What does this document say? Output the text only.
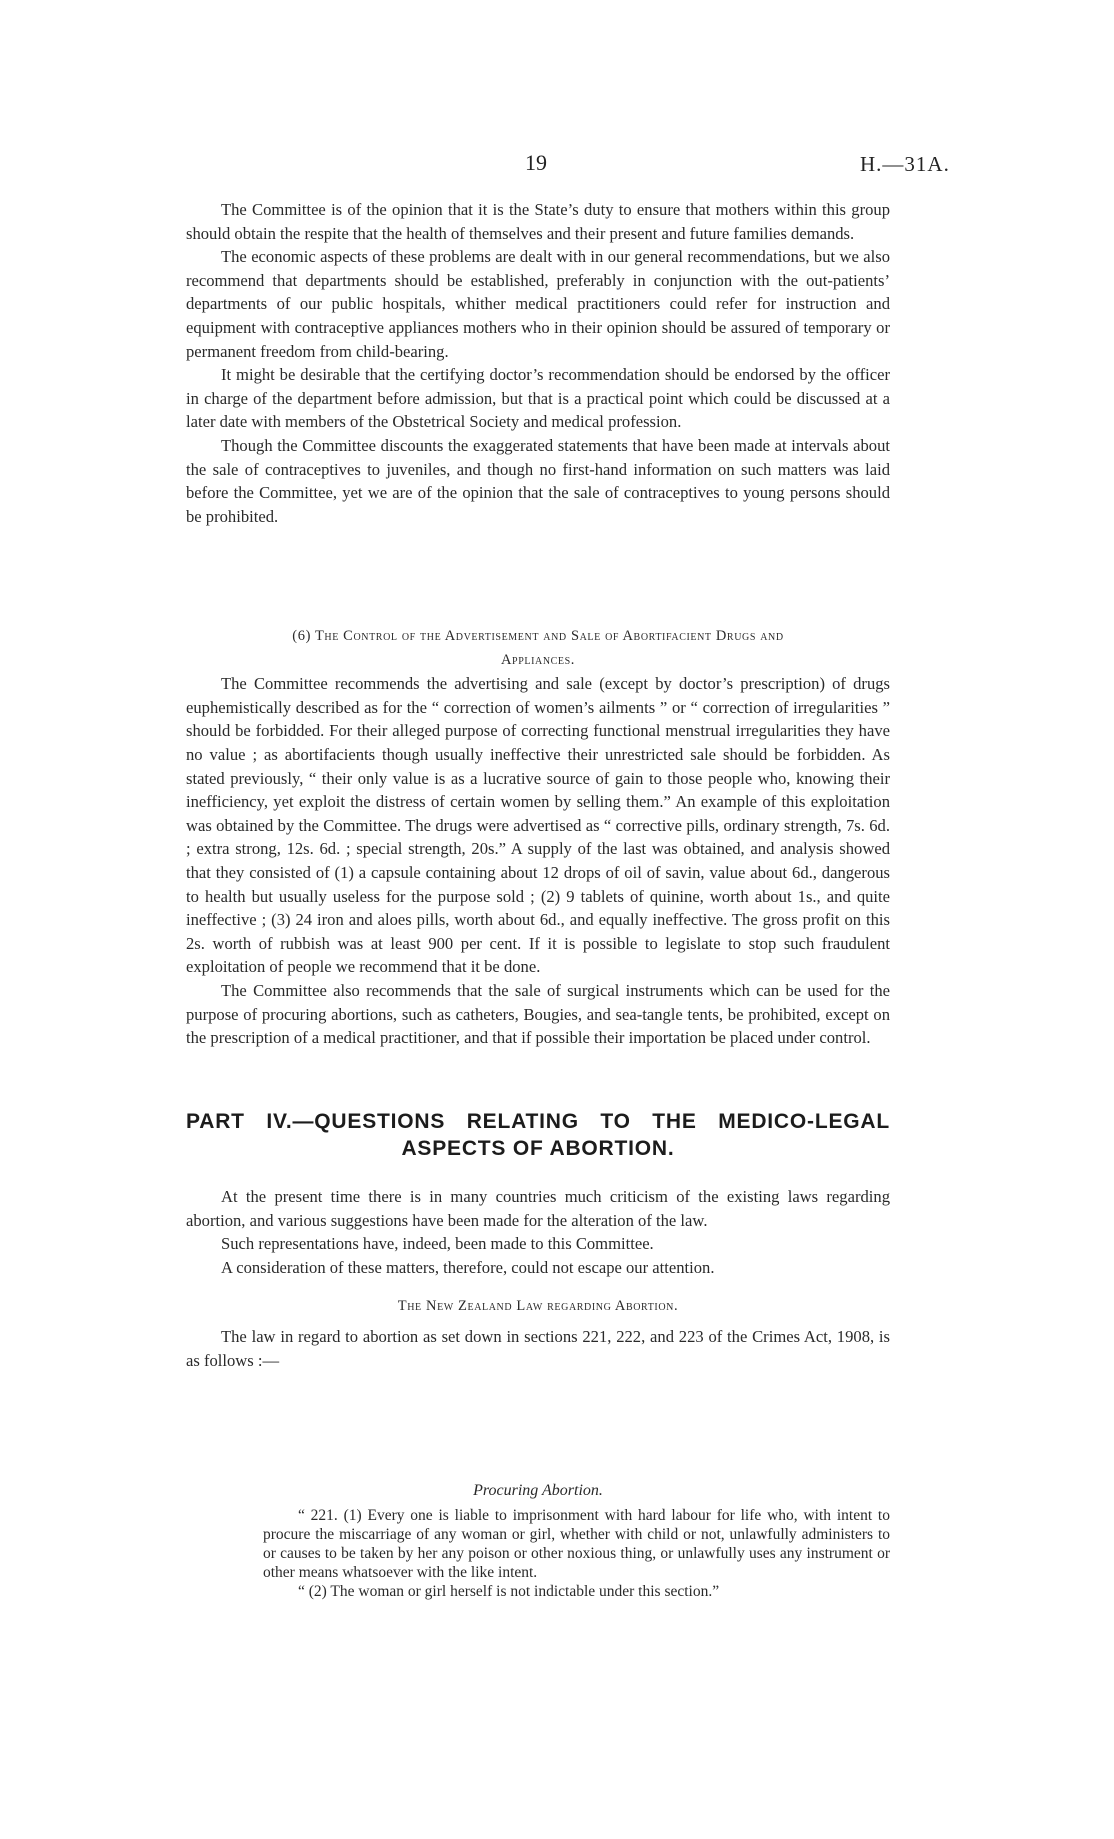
19	H.—31A.

The Committee is of the opinion that it is the State’s duty to ensure that mothers within this group should obtain the respite that the health of themselves and their present and future families demands.

The economic aspects of these problems are dealt with in our general recommendations, but we also recommend that departments should be established, preferably in conjunction with the out-patients’ departments of our public hospitals, whither medical practitioners could refer for instruction and equipment with contraceptive appliances mothers who in their opinion should be assured of temporary or permanent freedom from child-bearing.

It might be desirable that the certifying doctor’s recommendation should be endorsed by the officer in charge of the department before admission, but that is a practical point which could be discussed at a later date with members of the Obstetrical Society and medical profession.

Though the Committee discounts the exaggerated statements that have been made at intervals about the sale of contraceptives to juveniles, and though no first-hand information on such matters was laid before the Committee, yet we are of the opinion that the sale of contraceptives to young persons should be prohibited.

(6) The Control of the Advertisement and Sale of Abortifacient Drugs and
Appliances.

The Committee recommends the advertising and sale (except by doctor’s prescription) of drugs euphemistically described as for the “ correction of women’s ailments ” or “ correction of irregularities ” should be forbidded. For their alleged purpose of correcting functional menstrual irregularities they have no value ; as abortifacients though usually ineffective their unrestricted sale should be forbidden. As stated previously, “ their only value is as a lucrative source of gain to those people who, knowing their inefficiency, yet exploit the distress of certain women by selling them.” An example of this exploitation was obtained by the Committee. The drugs were advertised as “ corrective pills, ordinary strength, 7s. 6d. ; extra strong, 12s. 6d. ; special strength, 20s.” A supply of the last was obtained, and analysis showed that they consisted of (1) a capsule containing about 12 drops of oil of savin, value about 6d., dangerous to health but usually useless for the purpose sold ; (2) 9 tablets of quinine, worth about 1s., and quite ineffective ; (3) 24 iron and aloes pills, worth about 6d., and equally ineffective. The gross profit on this 2s. worth of rubbish was at least 900 per cent. If it is possible to legislate to stop such fraudulent exploitation of people we recommend that it be done.

The Committee also recommends that the sale of surgical instruments which can be used for the purpose of procuring abortions, such as catheters, Bougies, and sea-tangle tents, be prohibited, except on the prescription of a medical practitioner, and that if possible their importation be placed under control.

PART IV.—QUESTIONS RELATING TO THE MEDICO-LEGAL

ASPECTS OF ABORTION.

At the present time there is in many countries much criticism of the existing laws regarding abortion, and various suggestions have been made for the alteration of the law.

Such representations have, indeed, been made to this Committee.

A consideration of these matters, therefore, could not escape our attention.

The New Zealand Law regarding Abortion.

The law in regard to abortion as set down in sections 221, 222, and 223 of the Crimes Act, 1908, is as follows :—

Procuring Abortion.

“ 221. (1) Every one is liable to imprisonment with hard labour for life who, with intent to procure the miscarriage of any woman or girl, whether with child or not, unlawfully administers to or causes to be taken by her any poison or other noxious thing, or unlawfully uses any instrument or other means whatsoever with the like intent.

“ (2) The woman or girl herself is not indictable under this section.”
